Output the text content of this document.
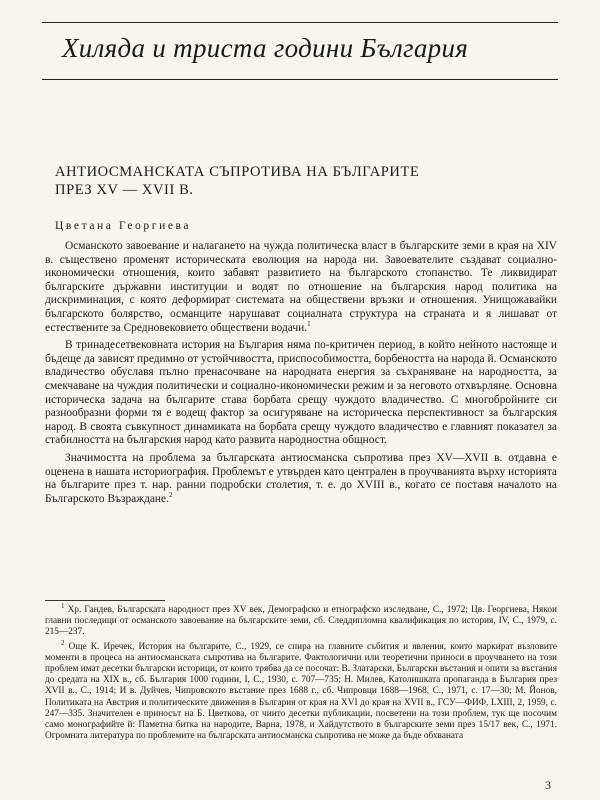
Хиляда и триста години България
АНТИОСМАНСКАТА СЪПРОТИВА НА БЪЛГАРИТЕ
ПРЕЗ XV — XVII В.
Цветана Георгиева

Османското завоевание и налагането на чужда политическа власт в българските земи в края на XIV в. съществено променят историческата еволюция на народа ни. Завоевателите създават социално-икономически отношения, които забавят развитието на българското стопанство. Те ликвидират българските държавни институции и водят по отношение на българския народ политика на дискриминация, с която деформират системата на обществени връзки и отношения. Унищожавайки българското болярство, османците нарушават социалната структура на страната и я лишават от естествените за Средновековието обществени водачи.$^1$

В тринадесетвековната история на България няма по-критичен период, в който нейното настояще и бъдеще да зависят предимно от устойчивостта, приспособимостта, борбеността на народа й. Османското владичество обуславя пълно пренасочване на народната енергия за съхраняване на народността, за смекчаване на чуждия политически и социално-икономически режим и за неговото отхвърляне. Основна историческа задача на българите става борбата срещу чуждото владичество. С многобройните си разнообразни форми тя е водещ фактор за осигуряване на историческа перспективност за българския народ. В своята съвкупност динамиката на борбата срещу чуждото владичество е главният показател за стабилността на българския народ като развита народностна общност.

Значимостта на проблема за българската антиосманска съпротива през XV—XVII в. отдавна е оценена в нашата историография. Проблемът е утвърден като централен в проучванията върху историята на българите през т. нар. ранни подробски столетия, т. е. до XVIII в., когато се поставя началото на Българското Възраждане.$^2$

$^1$ Хр. Гандев, Българската народност през XV век, Демографско и етнографско изследване, С., 1972; Цв. Георгиева, Някои главни последици от османското завоевание на българските земи, сб. Следдипломна квалификация по история, IV, С., 1979, с. 215—237.

$^2$ Още К. Иречек, История на българите, С., 1929, се спира на главните събития и явления, които маркират възловите моменти в процеса на антиосманската съпротива на българите. Фактологични или теоретични приноси в проучването на този проблем имат десетки български историци, от които трябва да се посочат: В. Златарски, Български въстания и опити за въстания до средата на XIX в., сб. България 1000 години, I, С., 1930, с. 707—735; Н. Милев, Католишката пропаганда в България през XVII в., С., 1914; И в. Дуйчев, Чипровското въстание през 1688 г., сб. Чипровци 1688—1968, С., 1971, с. 17—30; М. Йонов, Политиката на Австрия и политическите движения в България от края на XVI до края на XVII в., ГСУ—ФИФ, LXIII, 2, 1959, с. 247—335. Значителен е приносът на Б. Цветкова, от чиито десетки публикации, посветени на този проблем, тук ще посочим само монографийте й: Паметна битка на народите, Варна, 1978, и Хайдутството в българските земи през 15/17 век, С., 1971. Огромната литература по проблемите на българската антиосманска съпротива не може да бъде обхваната

3
